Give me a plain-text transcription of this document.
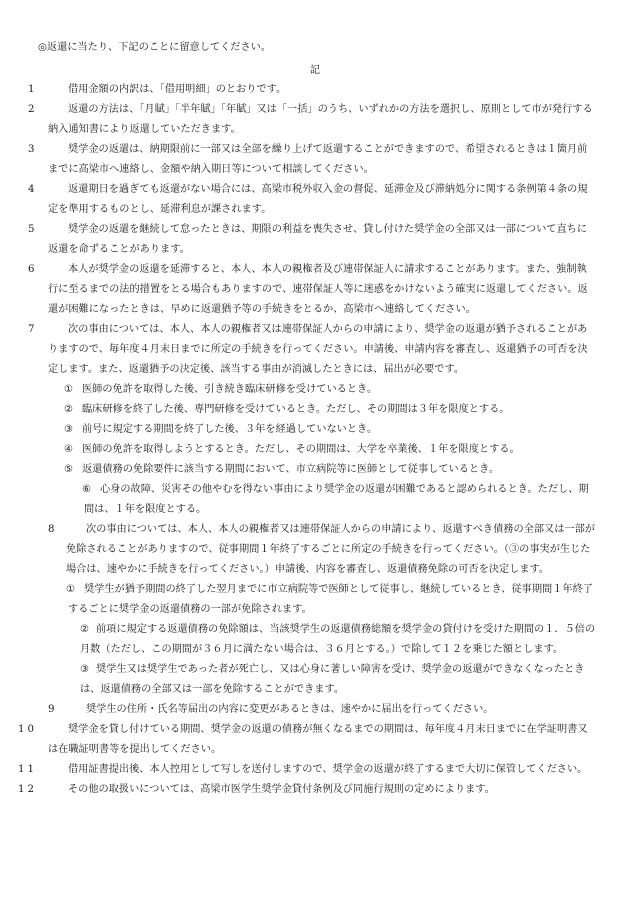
◎返還に当たり、下記のことに留意してください。
記
1	借用金額の内訳は、「借用明細」のとおりです。
2	返還の方法は、「月賦」「半年賦」「年賦」又は「一括」のうち、いずれかの方法を選択し、原則として市が発行する納入通知書により返還していただきます。
3	奨学金の返還は、納期限前に一部又は全部を繰り上げて返還することができますので、希望されるときは１箇月前までに高梁市へ連絡し、金額や納入期日等について相談してください。
4	返還期日を過ぎても返還がない場合には、高梁市税外収入金の督促、延滞金及び滞納処分に関する条例第４条の規定を準用するものとし、延滞利息が課されます。
5	奨学金の返還を継続して怠ったときは、期限の利益を喪失させ、貸し付けた奨学金の全部又は一部について直ちに返還を命ずることがあります。
6	本人が奨学金の返還を延滞すると、本人、本人の親権者及び連帯保証人に請求することがあります。また、強制執行に至るまでの法的措置をとる場合もありますので、連帯保証人等に迷惑をかけないよう確実に返還してください。返還が困難になったときは、早めに返還猶予等の手続きをとるか、高梁市へ連絡してください。
7	次の事由については、本人、本人の親権者又は連帯保証人からの申請により、奨学金の返還が猶予されることがありますので、毎年度４月末日までに所定の手続きを行ってください。申請後、申請内容を審査し、返還猶予の可否を決定します。また、返還猶予の決定後、該当する事由が消滅したときには、届出が必要です。
① 医師の免許を取得した後、引き続き臨床研修を受けているとき。
② 臨床研修を終了した後、専門研修を受けているとき。ただし、その期間は３年を限度とする。
③ 前号に規定する期間を終了した後、３年を経過していないとき。
④ 医師の免許を取得しようとするとき。ただし、その期間は、大学を卒業後、１年を限度とする。
⑤ 返還債務の免除要件に該当する期間において、市立病院等に医師として従事しているとき。
⑥ 心身の故障、災害その他やむを得ない事由により奨学金の返還が困難であると認められるとき。ただし、期間は、１年を限度とする。
8	次の事由については、本人、本人の親権者又は連帯保証人からの申請により、返還すべき債務の全部又は一部が免除されることがありますので、従事期間１年終了するごとに所定の手続きを行ってください。（③の事実が生じた場合は、速やかに手続きを行ってください。）申請後、内容を審査し、返還債務免除の可否を決定します。
① 奨学生が猶予期間の終了した翌月までに市立病院等で医師として従事し、継続しているとき、従事期間１年終了するごとに奨学金の返還債務の一部が免除されます。
② 前項に規定する返還債務の免除額は、当該奨学生の返還債務総額を奨学金の貸付けを受けた期間の１．５倍の月数（ただし、この期間が３６月に満たない場合は、３６月とする。）で除して１２を乗じた額とします。
③ 奨学生又は奨学生であった者が死亡し、又は心身に著しい障害を受け、奨学金の返還ができなくなったときは、返還債務の全部又は一部を免除することができます。
9	奨学生の住所・氏名等届出の内容に変更があるときは、速やかに届出を行ってください。
10	奨学金を貸し付けている期間、奨学金の返還の債務が無くなるまでの期間は、毎年度４月末日までに在学証明書又は在職証明書等を提出してください。
11	借用証書提出後、本人控用として写しを送付しますので、奨学金の返還が終了するまで大切に保管してください。
12	その他の取扱いについては、高梁市医学生奨学金貸付条例及び同施行規則の定めによります。
